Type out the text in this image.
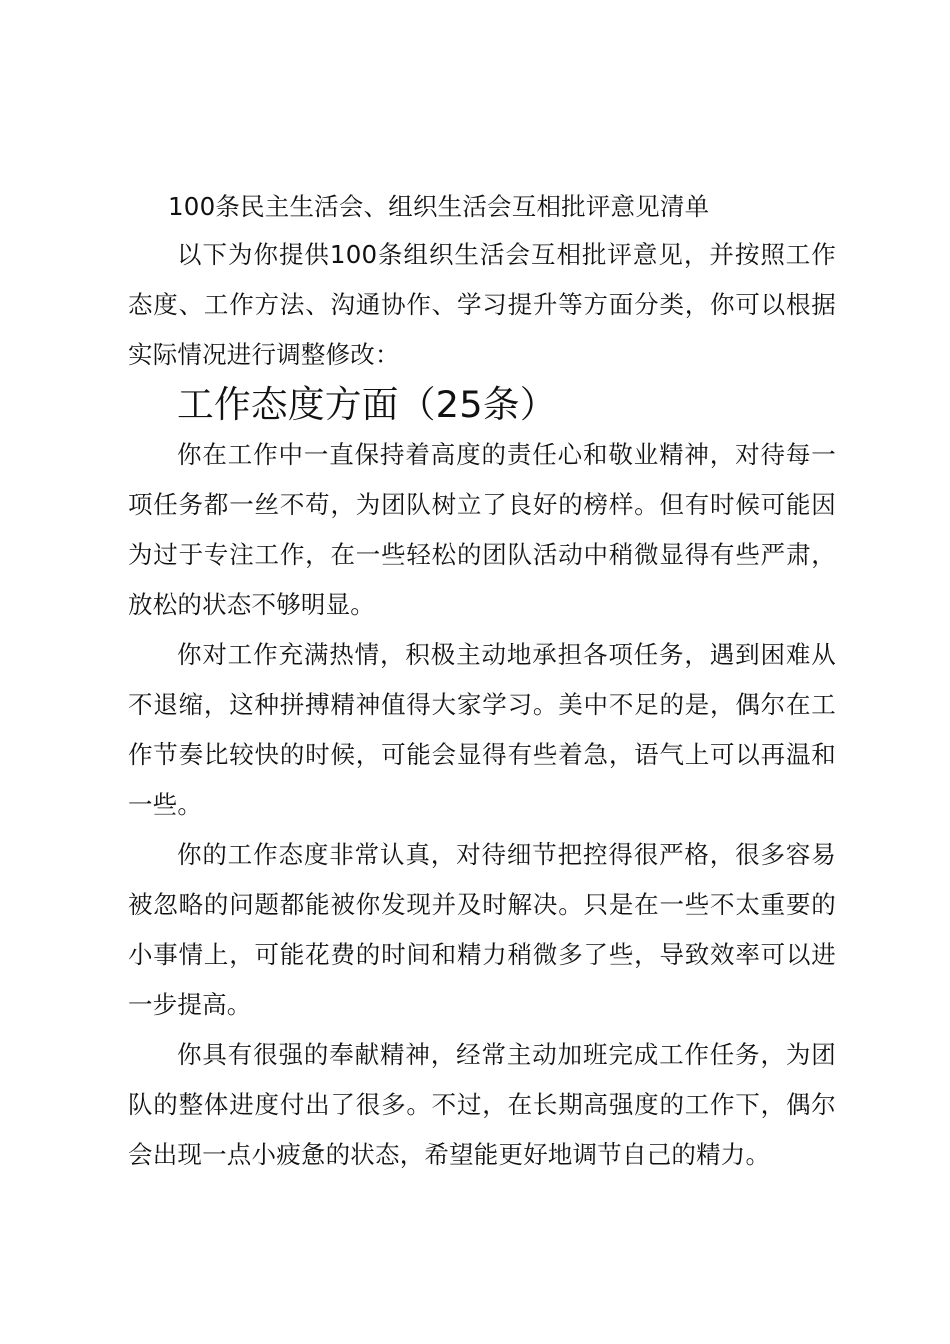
100条民主生活会、组织生活会互相批评意见清单

以下为你提供100条组织生活会互相批评意见，并按照工作态度、工作方法、沟通协作、学习提升等方面分类，你可以根据实际情况进行调整修改：

工作态度方面（25条）

你在工作中一直保持着高度的责任心和敬业精神，对待每一项任务都一丝不苟，为团队树立了良好的榜样。但有时候可能因为过于专注工作，在一些轻松的团队活动中稍微显得有些严肃，放松的状态不够明显。

你对工作充满热情，积极主动地承担各项任务，遇到困难从不退缩，这种拼搏精神值得大家学习。美中不足的是，偶尔在工作节奏比较快的时候，可能会显得有些着急，语气上可以再温和一些。

你的工作态度非常认真，对待细节把控得很严格，很多容易被忽略的问题都能被你发现并及时解决。只是在一些不太重要的小事情上，可能花费的时间和精力稍微多了些，导致效率可以进一步提高。

你具有很强的奉献精神，经常主动加班完成工作任务，为团队的整体进度付出了很多。不过，在长期高强度的工作下，偶尔会出现一点小疲惫的状态，希望能更好地调节自己的精力。
